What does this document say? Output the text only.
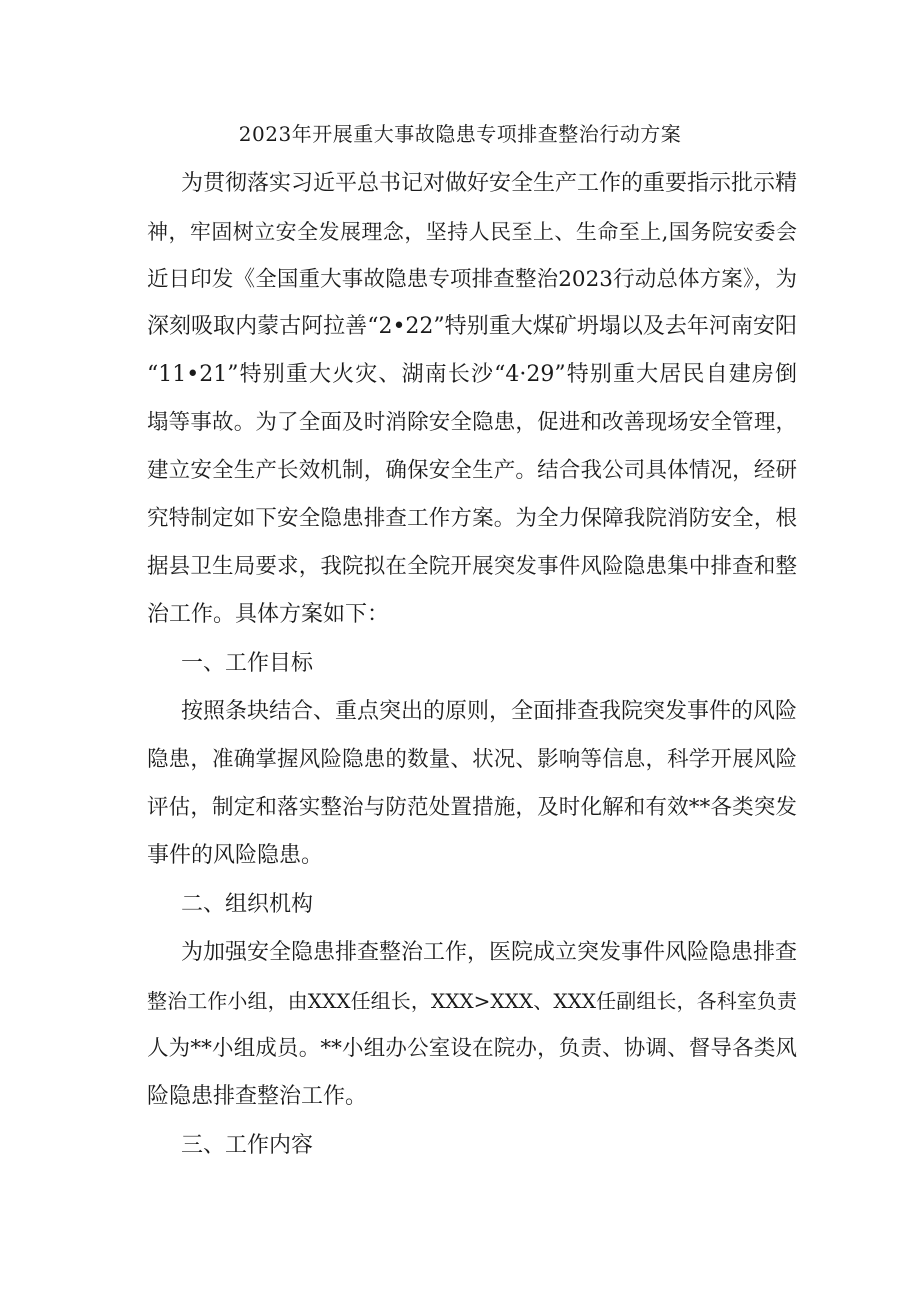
2023年开展重大事故隐患专项排查整治行动方案
为贯彻落实习近平总书记对做好安全生产工作的重要指示批示精
神，牢固树立安全发展理念，坚持人民至上、生命至上,国务院安委会
近日印发《全国重大事故隐患专项排查整治2023行动总体方案》，为
深刻吸取内蒙古阿拉善“2•22”特别重大煤矿坍塌以及去年河南安阳
“11•21”特别重大火灾、湖南长沙“4·29”特别重大居民自建房倒
塌等事故。为了全面及时消除安全隐患，促进和改善现场安全管理，
建立安全生产长效机制，确保安全生产。结合我公司具体情况，经研
究特制定如下安全隐患排查工作方案。为全力保障我院消防安全，根
据县卫生局要求，我院拟在全院开展突发事件风险隐患集中排查和整
治工作。具体方案如下：
一、工作目标
按照条块结合、重点突出的原则，全面排查我院突发事件的风险
隐患，准确掌握风险隐患的数量、状况、影响等信息，科学开展风险
评估，制定和落实整治与防范处置措施，及时化解和有效**各类突发
事件的风险隐患。
二、组织机构
为加强安全隐患排查整治工作，医院成立突发事件风险隐患排查
整治工作小组，由XXX任组长，XXX>XXX、XXX任副组长，各科室负责
人为**小组成员。**小组办公室设在院办，负责、协调、督导各类风
险隐患排查整治工作。
三、工作内容
